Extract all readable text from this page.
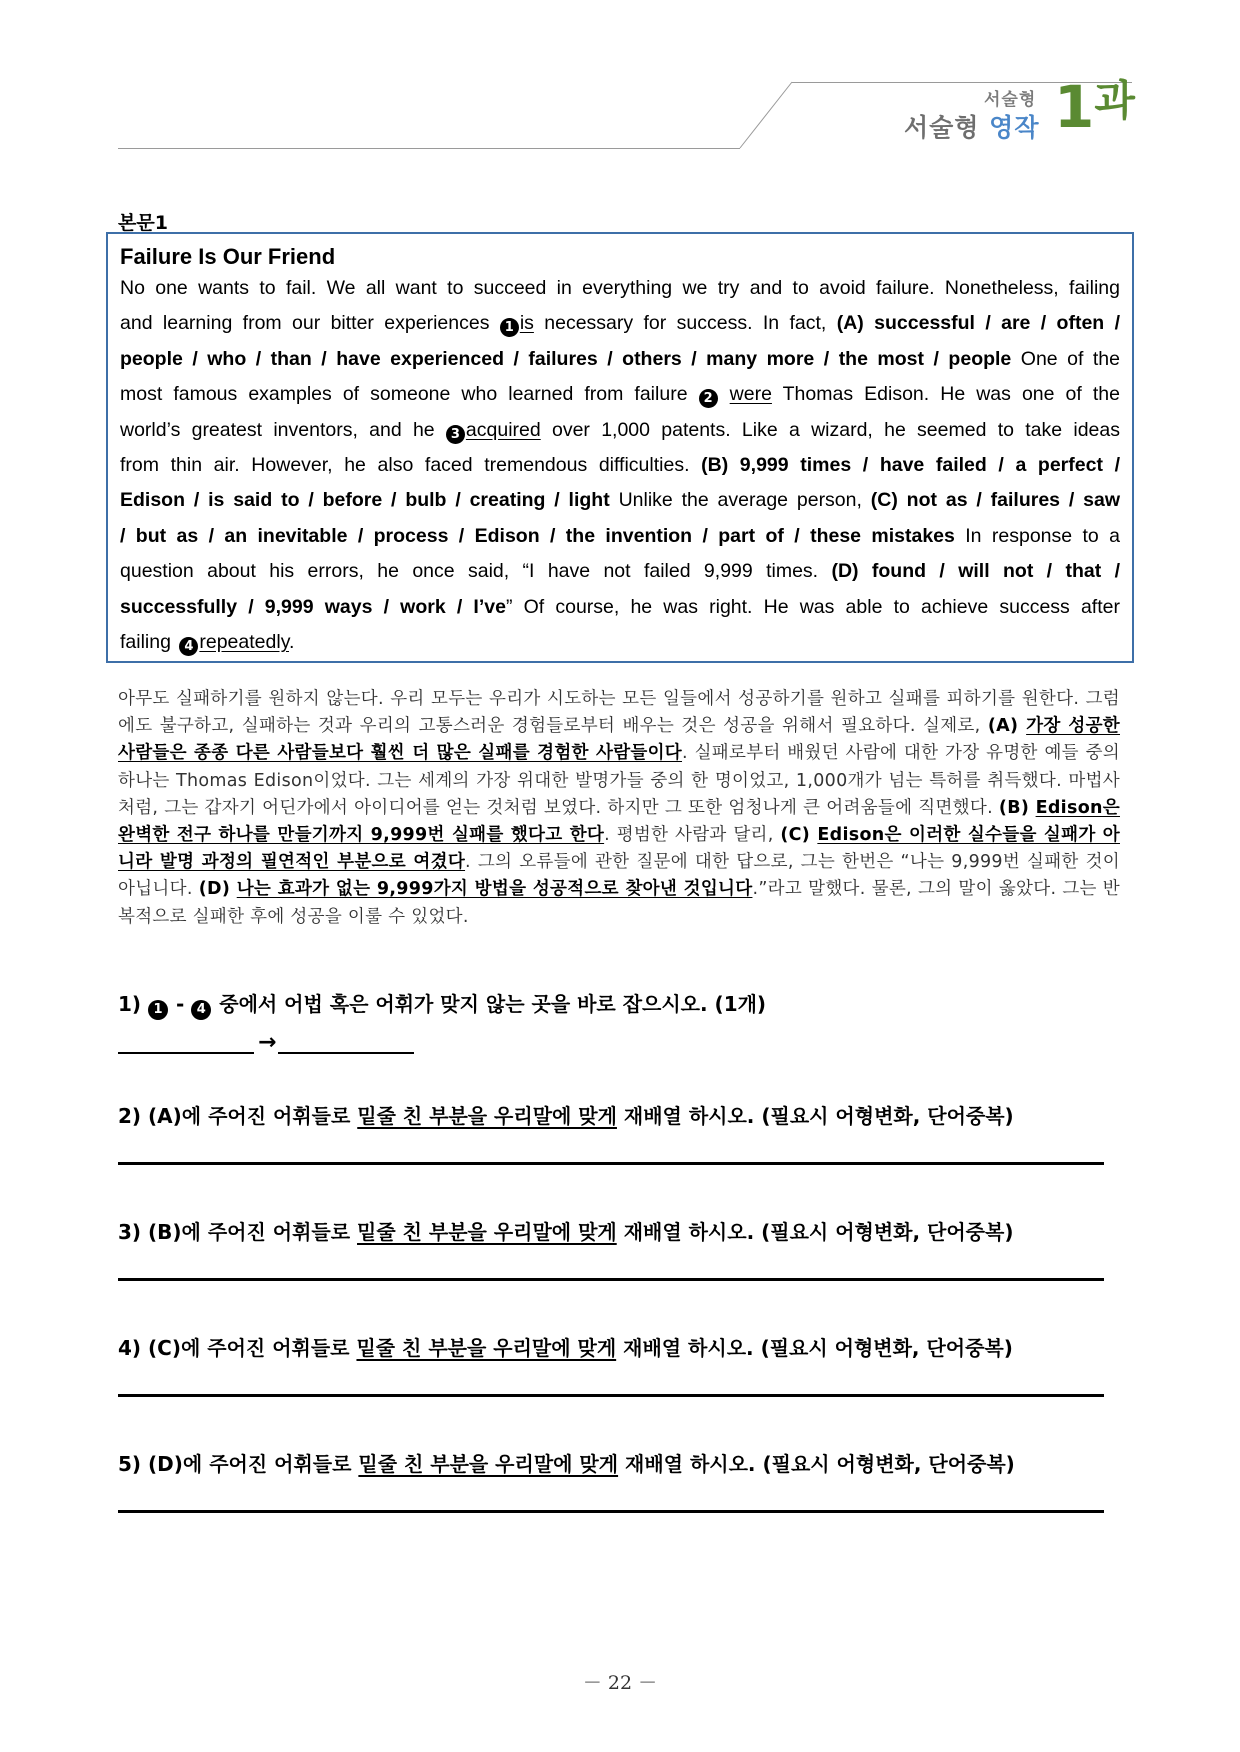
서술형
서술형 영작 $1^과$
본문1
Failure Is Our Friend
No one wants to fail. We all want to succeed in everything we try and to avoid failure. Nonetheless, failing and learning from our bitter experiences 1 is necessary for success. In fact, (A) successful / are / often / people / who / than / have experienced / failures / others / many more / the most / people One of the most famous examples of someone who learned from failure 2 were Thomas Edison. He was one of the world’s greatest inventors, and he 3 acquired over 1,000 patents. Like a wizard, he seemed to take ideas from thin air. However, he also faced tremendous difficulties. (B) 9,999 times / have failed / a perfect / Edison / is said to / before / bulb / creating / light Unlike the average person, (C) not as / failures / saw / but as / an inevitable / process / Edison / the invention / part of / these mistakes In response to a question about his errors, he once said, “I have not failed 9,999 times. (D) found / will not / that / successfully / 9,999 ways / work / I’ve” Of course, he was right. He was able to achieve success after failing 4 repeatedly.
아무도 실패하기를 원하지 않는다. 우리 모두는 우리가 시도하는 모든 일들에서 성공하기를 원하고 실패를 피하기를 원한다. 그럼에도 불구하고, 실패하는 것과 우리의 고통스러운 경험들로부터 배우는 것은 성공을 위해서 필요하다. 실제로, (A) 가장 성공한 사람들은 종종 다른 사람들보다 훨씬 더 많은 실패를 경험한 사람들이다. 실패로부터 배웠던 사람에 대한 가장 유명한 예들 중의 하나는 Thomas Edison이었다. 그는 세계의 가장 위대한 발명가들 중의 한 명이었고, 1,000개가 넘는 특허를 취득했다. 마법사처럼, 그는 갑자기 어딘가에서 아이디어를 얻는 것처럼 보였다. 하지만 그 또한 엄청나게 큰 어려움들에 직면했다. (B) Edison은 완벽한 전구 하나를 만들기까지 9,999번 실패를 했다고 한다. 평범한 사람과 달리, (C) Edison은 이러한 실수들을 실패가 아니라 발명 과정의 필연적인 부분으로 여겼다. 그의 오류들에 관한 질문에 대한 답으로, 그는 한번은 “나는 9,999번 실패한 것이 아닙니다. (D) 나는 효과가 없는 9,999가지 방법을 성공적으로 찾아낸 것입니다.”라고 말했다. 물론, 그의 말이 옳았다. 그는 반복적으로 실패한 후에 성공을 이룰 수 있었다.
1) 1 - 4 중에서 어법 혹은 어휘가 맞지 않는 곳을 바로 잡으시오. (1개)
→
2) (A)에 주어진 어휘들로 밑줄 친 부분을 우리말에 맞게 재배열 하시오. (필요시 어형변화, 단어중복)
3) (B)에 주어진 어휘들로 밑줄 친 부분을 우리말에 맞게 재배열 하시오. (필요시 어형변화, 단어중복)
4) (C)에 주어진 어휘들로 밑줄 친 부분을 우리말에 맞게 재배열 하시오. (필요시 어형변화, 단어중복)
5) (D)에 주어진 어휘들로 밑줄 친 부분을 우리말에 맞게 재배열 하시오. (필요시 어형변화, 단어중복)
－ 22 －
